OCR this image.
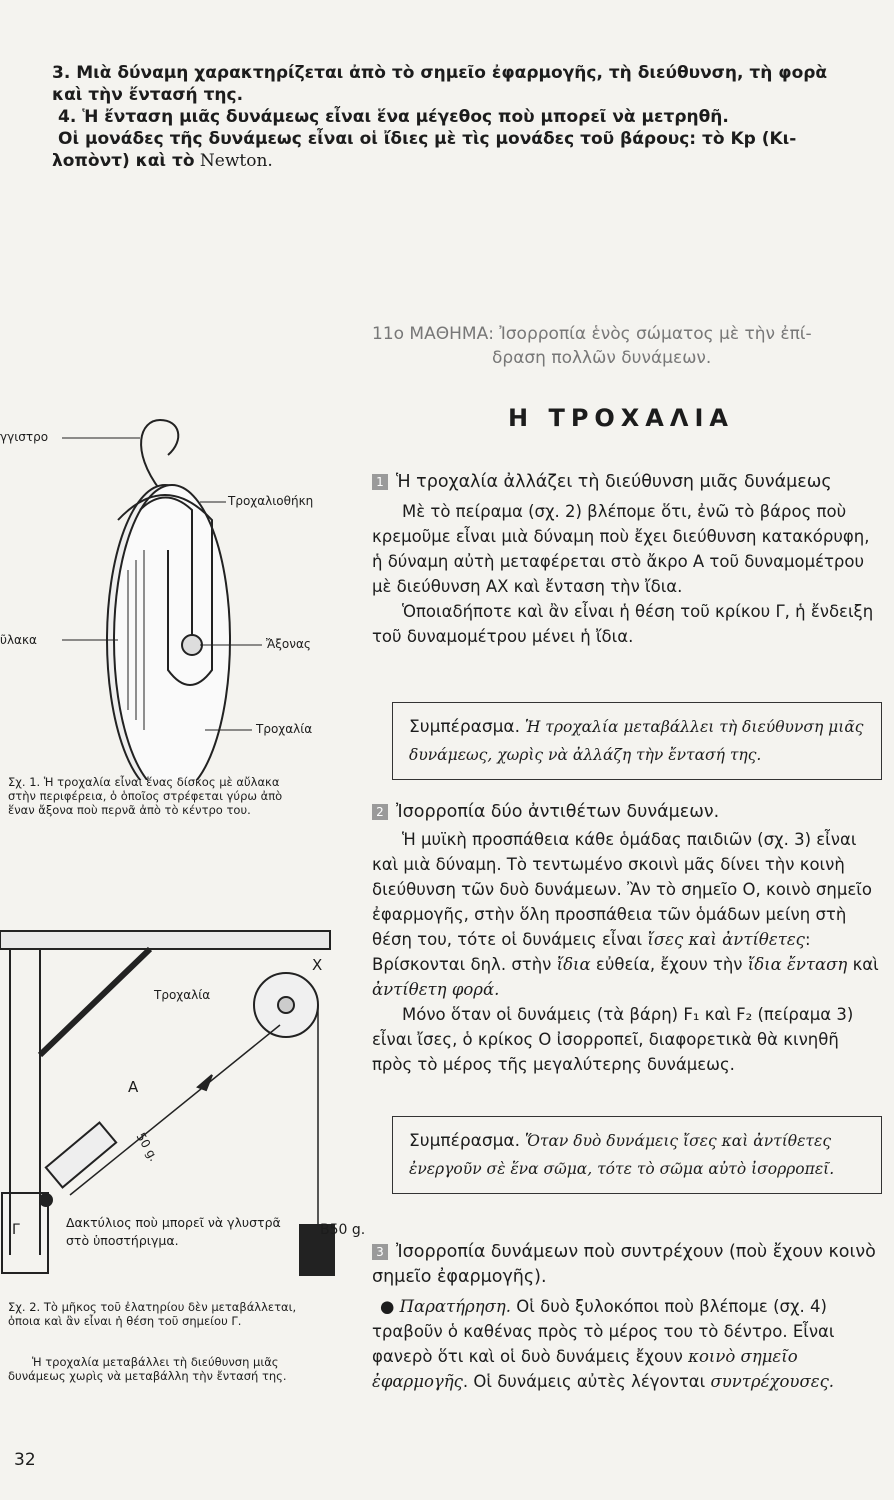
3. Μιὰ δύναμη χαρακτηρίζεται ἀπὸ τὸ σημεῖο ἐφαρμογῆς, τὴ διεύθυνση, τὴ φορὰ

καὶ τὴν ἔντασή της.

4. Ἡ ἔνταση μιᾶς δυνάμεως εἶναι ἕνα μέγεθος ποὺ μπορεῖ νὰ μετρηθῆ.

Οἱ μονάδες τῆς δυνάμεως εἶναι οἱ ἴδιες μὲ τὶς μονάδες τοῦ βάρους: τὸ Kp (Κι-

λοπὸντ) καὶ τὸ Newton.

11ο ΜΑΘΗΜΑ: Ἰσορροπία ἑνὸς σώματος μὲ τὴν ἐπί-
δραση πολλῶν δυνάμεων.
Η ΤΡΟΧΑΛΙΑ

1 Ἡ τροχαλία ἀλλάζει τὴ διεύθυνση μιᾶς δυνάμεως

Μὲ τὸ πείραμα (σχ. 2) βλέπομε ὅτι, ἐνῶ τὸ βάρος ποὺ κρεμοῦμε εἶναι μιὰ δύναμη ποὺ ἔχει διεύθυνση κατακόρυφη, ἡ δύναμη αὐτὴ μεταφέρεται στὸ ἄκρο Α τοῦ δυναμομέτρου μὲ διεύθυνση ΑΧ καὶ ἔνταση τὴν ἴδια.

Ὁποιαδήποτε καὶ ἂν εἶναι ἡ θέση τοῦ κρίκου Γ, ἡ ἔνδειξη τοῦ δυναμομέτρου μένει ἡ ἴδια.

Συμπέρασμα. Ἡ τροχαλία μεταβάλλει τὴ διεύθυνση μιᾶς δυνάμεως, χωρὶς νὰ ἀλλάζη τὴν ἔντασή της.

2 Ἰσορροπία δύο ἀντιθέτων δυνάμεων.

Ἡ μυϊκὴ προσπάθεια κάθε ὁμάδας παιδιῶν (σχ. 3) εἶναι καὶ μιὰ δύναμη. Τὸ τεντωμένο σκοινὶ μᾶς δίνει τὴν κοινὴ διεύθυνση τῶν δυὸ δυνάμεων. Ἂν τὸ σημεῖο Ο, κοινὸ σημεῖο ἐφαρμογῆς, στὴν ὅλη προσπάθεια τῶν ὁμάδων μείνη στὴ θέση του, τότε οἱ δυνάμεις εἶναι ἴσες καὶ ἀντίθετες: Βρίσκονται δηλ. στὴν ἴδια εὐθεία, ἔχουν τὴν ἴδια ἔνταση καὶ ἀντίθετη φορά.

Μόνο ὅταν οἱ δυνάμεις (τὰ βάρη) F₁ καὶ F₂ (πείραμα 3) εἶναι ἴσες, ὁ κρίκος Ο ἰσορροπεῖ, διαφορετικὰ θὰ κινηθῆ πρὸς τὸ μέρος τῆς μεγαλύτερης δυνάμεως.

Συμπέρασμα. Ὅταν δυὸ δυνάμεις ἴσες καὶ ἀντίθετες ἐνεργοῦν σὲ ἕνα σῶμα, τότε τὸ σῶμα αὐτὸ ἰσορροπεῖ.

3 Ἰσορροπία δυνάμεων ποὺ συντρέχουν (ποὺ ἔχουν κοινὸ σημεῖο ἐφαρμογῆς).

● Παρατήρηση. Οἱ δυὸ ξυλοκόποι ποὺ βλέπομε (σχ. 4) τραβοῦν ὁ καθένας πρὸς τὸ μέρος του τὸ δέντρο. Εἶναι φανερὸ ὅτι καὶ οἱ δυὸ δυνάμεις ἔχουν κοινὸ σημεῖο ἐφαρμογῆς. Οἱ δυνάμεις αὐτὲς λέγονται συντρέχουσες.

γγιστρο
Τροχαλιοθήκη
ῦλακα	Ἄξονας
Τροχαλία
Σχ. 1. Ἡ τροχαλία εἶναι ἕνας δίσκος μὲ αὔλακα στὴν περιφέρεια, ὁ ὁποῖος στρέφεται γύρω ἀπὸ ἕναν ἄξονα ποὺ περνᾶ ἀπὸ τὸ κέντρο του.
X
Τροχαλία
A
50 g.
Γ	Δακτύλιος ποὺ μπορεῖ νὰ γλυστρᾶ στὸ ὑποστήριγμα.
B50 g.
Σχ. 2. Τὸ μῆκος τοῦ ἐλατηρίου δὲν μεταβάλλεται, ὁποια καὶ ἂν εἶναι ἡ θέση τοῦ σημείου Γ.
Ἡ τροχαλία μεταβάλλει τὴ διεύθυνση μιᾶς δυνάμεως χωρὶς νὰ μεταβάλλη τὴν ἔντασή της.
32
